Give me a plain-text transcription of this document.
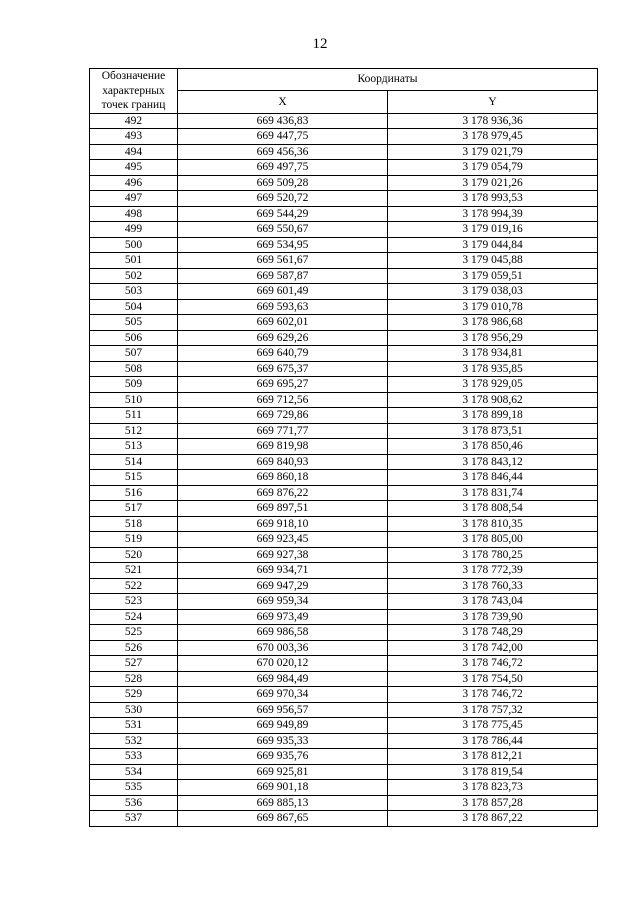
12
Обозначение
характерных
точек границ	Координаты	
	X	Y
492	669 436,83	3 178 936,36
493	669 447,75	3 178 979,45
494	669 456,36	3 179 021,79
495	669 497,75	3 179 054,79
496	669 509,28	3 179 021,26
497	669 520,72	3 178 993,53
498	669 544,29	3 178 994,39
499	669 550,67	3 179 019,16
500	669 534,95	3 179 044,84
501	669 561,67	3 179 045,88
502	669 587,87	3 179 059,51
503	669 601,49	3 179 038,03
504	669 593,63	3 179 010,78
505	669 602,01	3 178 986,68
506	669 629,26	3 178 956,29
507	669 640,79	3 178 934,81
508	669 675,37	3 178 935,85
509	669 695,27	3 178 929,05
510	669 712,56	3 178 908,62
511	669 729,86	3 178 899,18
512	669 771,77	3 178 873,51
513	669 819,98	3 178 850,46
514	669 840,93	3 178 843,12
515	669 860,18	3 178 846,44
516	669 876,22	3 178 831,74
517	669 897,51	3 178 808,54
518	669 918,10	3 178 810,35
519	669 923,45	3 178 805,00
520	669 927,38	3 178 780,25
521	669 934,71	3 178 772,39
522	669 947,29	3 178 760,33
523	669 959,34	3 178 743,04
524	669 973,49	3 178 739,90
525	669 986,58	3 178 748,29
526	670 003,36	3 178 742,00
527	670 020,12	3 178 746,72
528	669 984,49	3 178 754,50
529	669 970,34	3 178 746,72
530	669 956,57	3 178 757,32
531	669 949,89	3 178 775,45
532	669 935,33	3 178 786,44
533	669 935,76	3 178 812,21
534	669 925,81	3 178 819,54
535	669 901,18	3 178 823,73
536	669 885,13	3 178 857,28
537	669 867,65	3 178 867,22
